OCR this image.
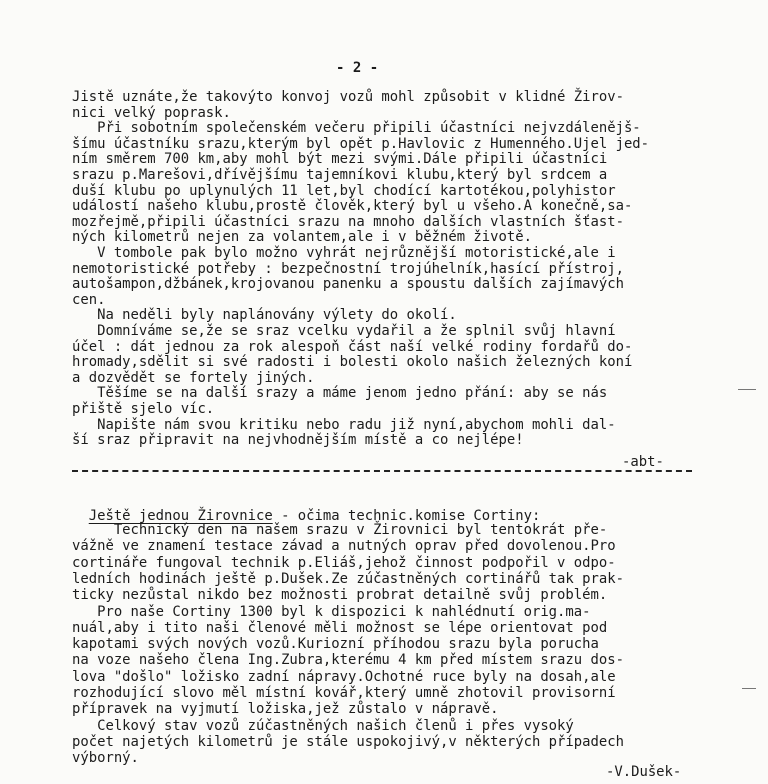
- 2 -
Jistě uznáte,že takovýto konvoj vozů mohl způsobit v klidné Žirov-
nici velký poprask.
Při sobotním společenském večeru připili účastníci nejvzdálenějš-
šímu účastníku srazu,kterým byl opět p.Havlovic z Humenného.Ujel jed-
ním směrem 700 km,aby mohl být mezi svými.Dále připili účastníci
srazu p.Marešovi,dřívějšímu tajemníkovi klubu,který byl srdcem a
duší klubu po uplynulých 11 let,byl chodící kartotékou,polyhistor
událostí našeho klubu,prostě člověk,který byl u všeho.A konečně,sa-
mozřejmě,připili účastníci srazu na mnoho dalších vlastních šťast-
ných kilometrů nejen za volantem,ale i v běžném životě.
V tombole pak bylo možno vyhrát nejrůznější motoristické,ale i
nemotoristické potřeby : bezpečnostní trojúhelník,hasící přístroj,
autošampon,džbánek,krojovanou panenku a spoustu dalších zajímavých
cen.
Na neděli byly naplánovány výlety do okolí.
Domníváme se,že se sraz vcelku vydařil a že splnil svůj hlavní
účel : dát jednou za rok alespoň část naší velké rodiny fordařů do-
hromady,sdělit si své radosti i bolesti okolo našich železných koní
a dozvědět se fortely jiných.
Těšíme se na další srazy a máme jenom jedno přání: aby se nás
přiště sjelo víc.
Napište nám svou kritiku nebo radu již nyní,abychom mohli dal-
ší sraz připravit na nejvhodnějším místě a co nejlépe!
-abt-

Ještě jednou Žirovnice - očima technic.komise Cortiny:

Technický den na našem srazu v Žirovnici byl tentokrát pře-
vážně ve znamení testace závad a nutných oprav před dovolenou.Pro
cortináře fungoval technik p.Eliáš,jehož činnost podpořil v odpo-
ledních hodinách ještě p.Dušek.Ze zúčastněných cortinářů tak prak-
ticky nezůstal nikdo bez možnosti probrat detailně svůj problém.
Pro naše Cortiny 1300 byl k dispozici k nahlédnutí orig.ma-
nuál,aby i tito naši členové měli možnost se lépe orientovat pod
kapotami svých nových vozů.Kuriozní příhodou srazu byla porucha
na voze našeho člena Ing.Zubra,kterému 4 km před místem srazu dos-
lova "došlo" ložisko zadní nápravy.Ochotné ruce byly na dosah,ale
rozhodující slovo měl místní kovář,který umně zhotovil provisorní
přípravek na vyjmutí ložiska,jež zůstalo v nápravě.
Celkový stav vozů zúčastněných našich členů i přes vysoký
počet najetých kilometrů je stále uspokojivý,v některých případech
výborný.
-V.Dušek-
